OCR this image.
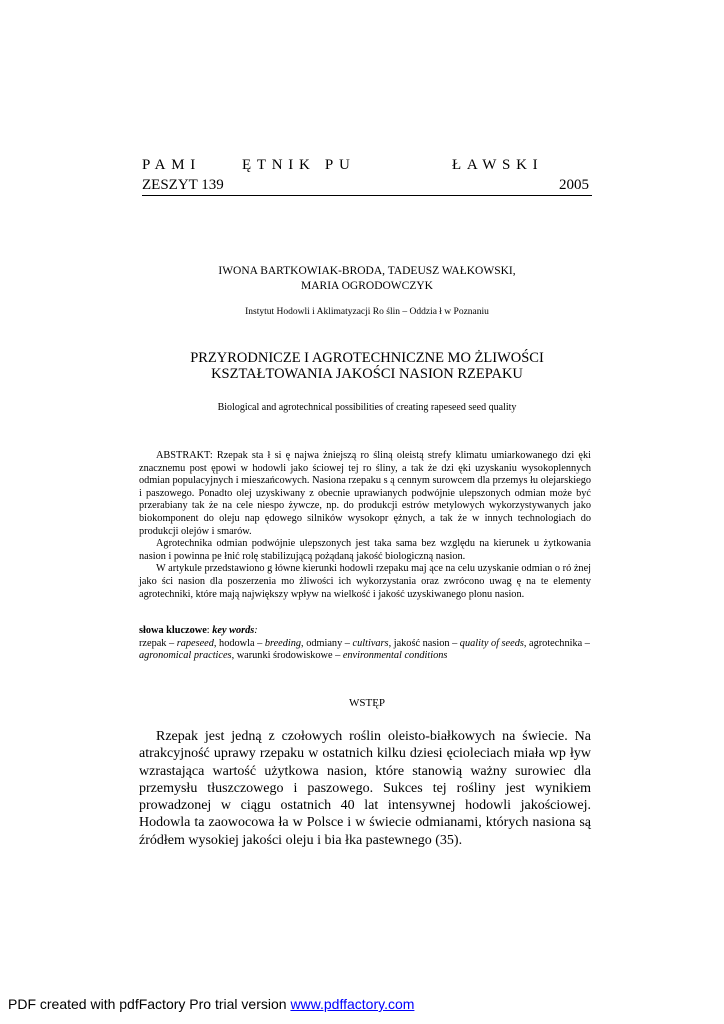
PAMI	ĘTNIK PU	ŁAWSKI
ZESZYT 139	2005
IWONA BARTKOWIAK-BRODA, TADEUSZ WAŁKOWSKI,
MARIA OGRODOWCZYK
Instytut Hodowli i Aklimatyzacji Ro ślin – Oddzia ł w Poznaniu
PRZYRODNICZE I AGROTECHNICZNE MO ŻLIWOŚCI
KSZTAŁTOWANIA JAKOŚCI NASION RZEPAKU
Biological and agrotechnical possibilities of creating rapeseed seed quality

ABSTRAKT: Rzepak sta ł si ę najwa żniejszą ro śliną oleistą strefy klimatu umiarkowanego dzi ęki znacznemu post ępowi w hodowli jako ściowej tej ro śliny, a tak że dzi ęki uzyskaniu wysokoplennych odmian populacyjnych i mieszańcowych. Nasiona rzepaku s ą cennym surowcem dla przemys łu olejarskiego i paszowego. Ponadto olej uzyskiwany z obecnie uprawianych podwójnie ulepszonych odmian może być przerabiany tak że na cele niespo żywcze, np. do produkcji estrów metylowych wykorzystywanych jako biokomponent do oleju nap ędowego silników wysokopr ężnych, a tak że w innych technologiach do produkcji olejów i smarów.

Agrotechnika odmian podwójnie ulepszonych jest taka sama bez względu na kierunek u żytkowania nasion i powinna pe łnić rolę stabilizującą pożądaną jakość biologiczną nasion.

W artykule przedstawiono g łówne kierunki hodowli rzepaku maj ące na celu uzyskanie odmian o ró żnej jako ści nasion dla poszerzenia mo żliwości ich wykorzystania oraz zwrócono uwag ę na te elementy agrotechniki, które mają największy wpływ na wielkość i jakość uzyskiwanego plonu nasion.

słowa kluczowe: key words:

rzepak – rapeseed, hodowla – breeding, odmiany – cultivars, jakość nasion – quality of seeds, agrotechnika – agronomical practices, warunki środowiskowe – environmental conditions

WSTĘP

Rzepak jest jedną z czołowych roślin oleisto-białkowych na świecie. Na atrakcyjność uprawy rzepaku w ostatnich kilku dziesi ęcioleciach miała wp ływ wzrastająca wartość użytkowa nasion, które stanowią ważny surowiec dla przemysłu tłuszczowego i paszowego. Sukces tej rośliny jest wynikiem prowadzonej w ciągu ostatnich 40 lat intensywnej hodowli jakościowej. Hodowla ta zaowocowa ła w Polsce i w świecie odmianami, których nasiona są źródłem wysokiej jakości oleju i bia łka pastewnego (35).

PDF created with pdfFactory Pro trial version www.pdffactory.com
